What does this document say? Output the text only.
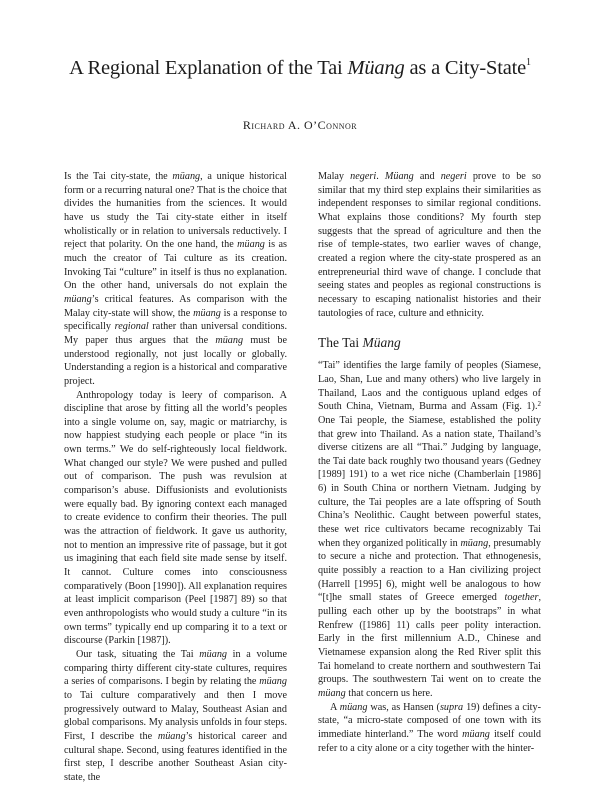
A Regional Explanation of the Tai Müang as a City-State$^1$
Richard A. O’Connor

Is the Tai city-state, the müang, a unique historical form or a recurring natural one? That is the choice that divides the humanities from the sciences. It would have us study the Tai city-state either in itself wholistically or in relation to universals reductively. I reject that polarity. On the one hand, the müang is as much the creator of Tai culture as its creation. Invoking Tai “culture” in itself is thus no explanation. On the other hand, universals do not explain the müang’s critical features. As comparison with the Malay city-state will show, the müang is a response to specifically regional rather than universal conditions. My paper thus argues that the müang must be understood regionally, not just locally or globally. Understanding a region is a historical and comparative project.

Anthropology today is leery of comparison. A discipline that arose by fitting all the world’s peoples into a single volume on, say, magic or matriarchy, is now happiest studying each people or place “in its own terms.” We do self-righteously local fieldwork. What changed our style? We were pushed and pulled out of comparison. The push was revulsion at comparison’s abuse. Diffusionists and evolutionists were equally bad. By ignoring context each managed to create evidence to confirm their theories. The pull was the attraction of fieldwork. It gave us authority, not to mention an impressive rite of passage, but it got us imagining that each field site made sense by itself. It cannot. Culture comes into consciousness comparatively (Boon [1990]). All explanation requires at least implicit comparison (Peel [1987] 89) so that even anthropologists who would study a culture “in its own terms” typically end up comparing it to a text or discourse (Parkin [1987]).

Our task, situating the Tai müang in a volume comparing thirty different city-state cultures, requires a series of comparisons. I begin by relating the müang to Tai culture comparatively and then I move progressively outward to Malay, Southeast Asian and global comparisons. My analysis unfolds in four steps. First, I describe the müang’s historical career and cultural shape. Second, using features identified in the first step, I describe another Southeast Asian city-state, the

Malay negeri. Müang and negeri prove to be so similar that my third step explains their similarities as independent responses to similar regional conditions. What explains those conditions? My fourth step suggests that the spread of agriculture and then the rise of temple-states, two earlier waves of change, created a region where the city-state prospered as an entrepreneurial third wave of change. I conclude that seeing states and peoples as regional constructions is necessary to escaping nationalist histories and their tautologies of race, culture and ethnicity.

The Tai Müang

“Tai” identifies the large family of peoples (Siamese, Lao, Shan, Lue and many others) who live largely in Thailand, Laos and the contiguous upland edges of South China, Vietnam, Burma and Assam (Fig. 1).$^2$ One Tai people, the Siamese, established the polity that grew into Thailand. As a nation state, Thailand’s diverse citizens are all “Thai.” Judging by language, the Tai date back roughly two thousand years (Gedney [1989] 191) to a wet rice niche (Chamberlain [1986] 6) in South China or northern Vietnam. Judging by culture, the Tai peoples are a late offspring of South China’s Neolithic. Caught between powerful states, these wet rice cultivators became recognizably Tai when they organized politically in müang, presumably to secure a niche and protection. That ethnogenesis, quite possibly a reaction to a Han civilizing project (Harrell [1995] 6), might well be analogous to how “[t]he small states of Greece emerged together, pulling each other up by the bootstraps” in what Renfrew ([1986] 11) calls peer polity interaction. Early in the first millennium A.D., Chinese and Vietnamese expansion along the Red River split this Tai homeland to create northern and southwestern Tai groups. The southwestern Tai went on to create the müang that concern us here.

A müang was, as Hansen (supra 19) defines a city-state, “a micro-state composed of one town with its immediate hinterland.” The word müang itself could refer to a city alone or a city together with the hinter-
